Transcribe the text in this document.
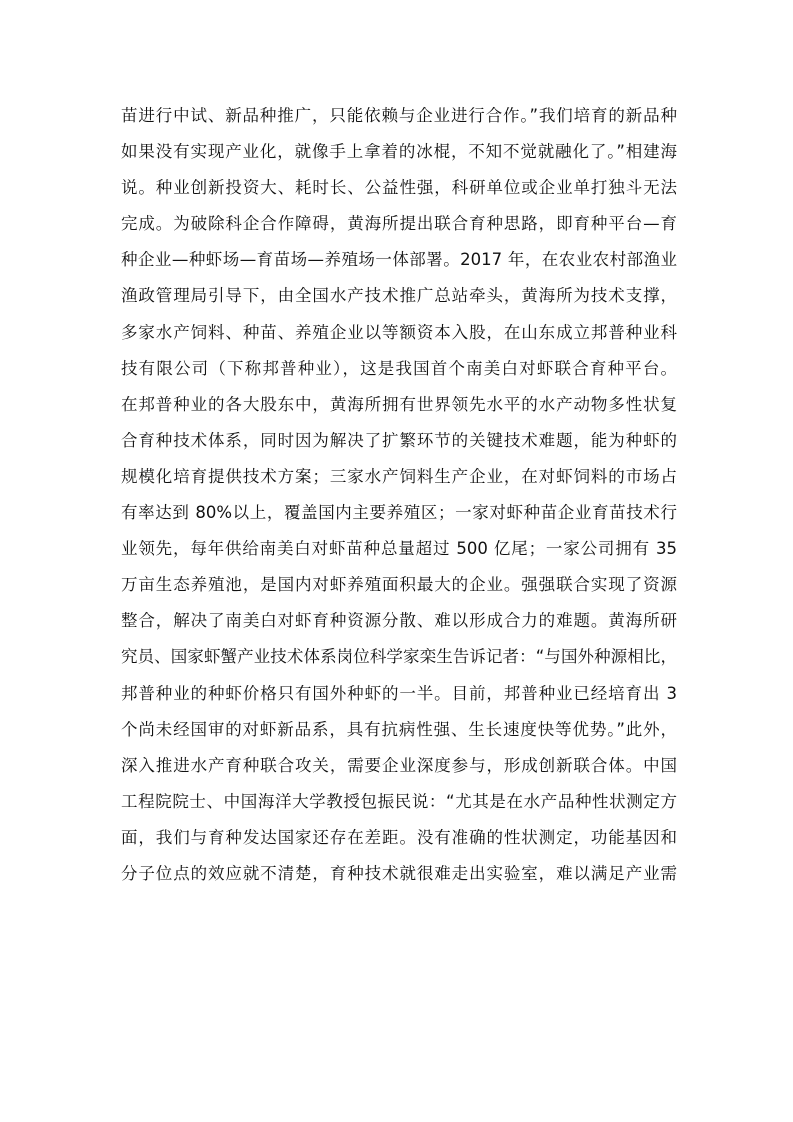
苗进行中试、新品种推广，只能依赖与企业进行合作。”我们培育的新品种
如果没有实现产业化，就像手上拿着的冰棍，不知不觉就融化了。”相建海
说。种业创新投资大、耗时长、公益性强，科研单位或企业单打独斗无法
完成。为破除科企合作障碍，黄海所提出联合育种思路，即育种平台—育
种企业—种虾场—育苗场—养殖场一体部署。2017 年，在农业农村部渔业
渔政管理局引导下，由全国水产技术推广总站牵头，黄海所为技术支撑，
多家水产饲料、种苗、养殖企业以等额资本入股，在山东成立邦普种业科
技有限公司（下称邦普种业），这是我国首个南美白对虾联合育种平台。
在邦普种业的各大股东中，黄海所拥有世界领先水平的水产动物多性状复
合育种技术体系，同时因为解决了扩繁环节的关键技术难题，能为种虾的
规模化培育提供技术方案；三家水产饲料生产企业，在对虾饲料的市场占
有率达到 80%以上，覆盖国内主要养殖区；一家对虾种苗企业育苗技术行
业领先，每年供给南美白对虾苗种总量超过 500 亿尾；一家公司拥有 35
万亩生态养殖池，是国内对虾养殖面积最大的企业。强强联合实现了资源
整合，解决了南美白对虾育种资源分散、难以形成合力的难题。黄海所研
究员、国家虾蟹产业技术体系岗位科学家栾生告诉记者：“与国外种源相比，
邦普种业的种虾价格只有国外种虾的一半。目前，邦普种业已经培育出 3
个尚未经国审的对虾新品系，具有抗病性强、生长速度快等优势。”此外，
深入推进水产育种联合攻关，需要企业深度参与，形成创新联合体。中国
工程院院士、中国海洋大学教授包振民说：“尤其是在水产品种性状测定方
面，我们与育种发达国家还存在差距。没有准确的性状测定，功能基因和
分子位点的效应就不清楚，育种技术就很难走出实验室，难以满足产业需
